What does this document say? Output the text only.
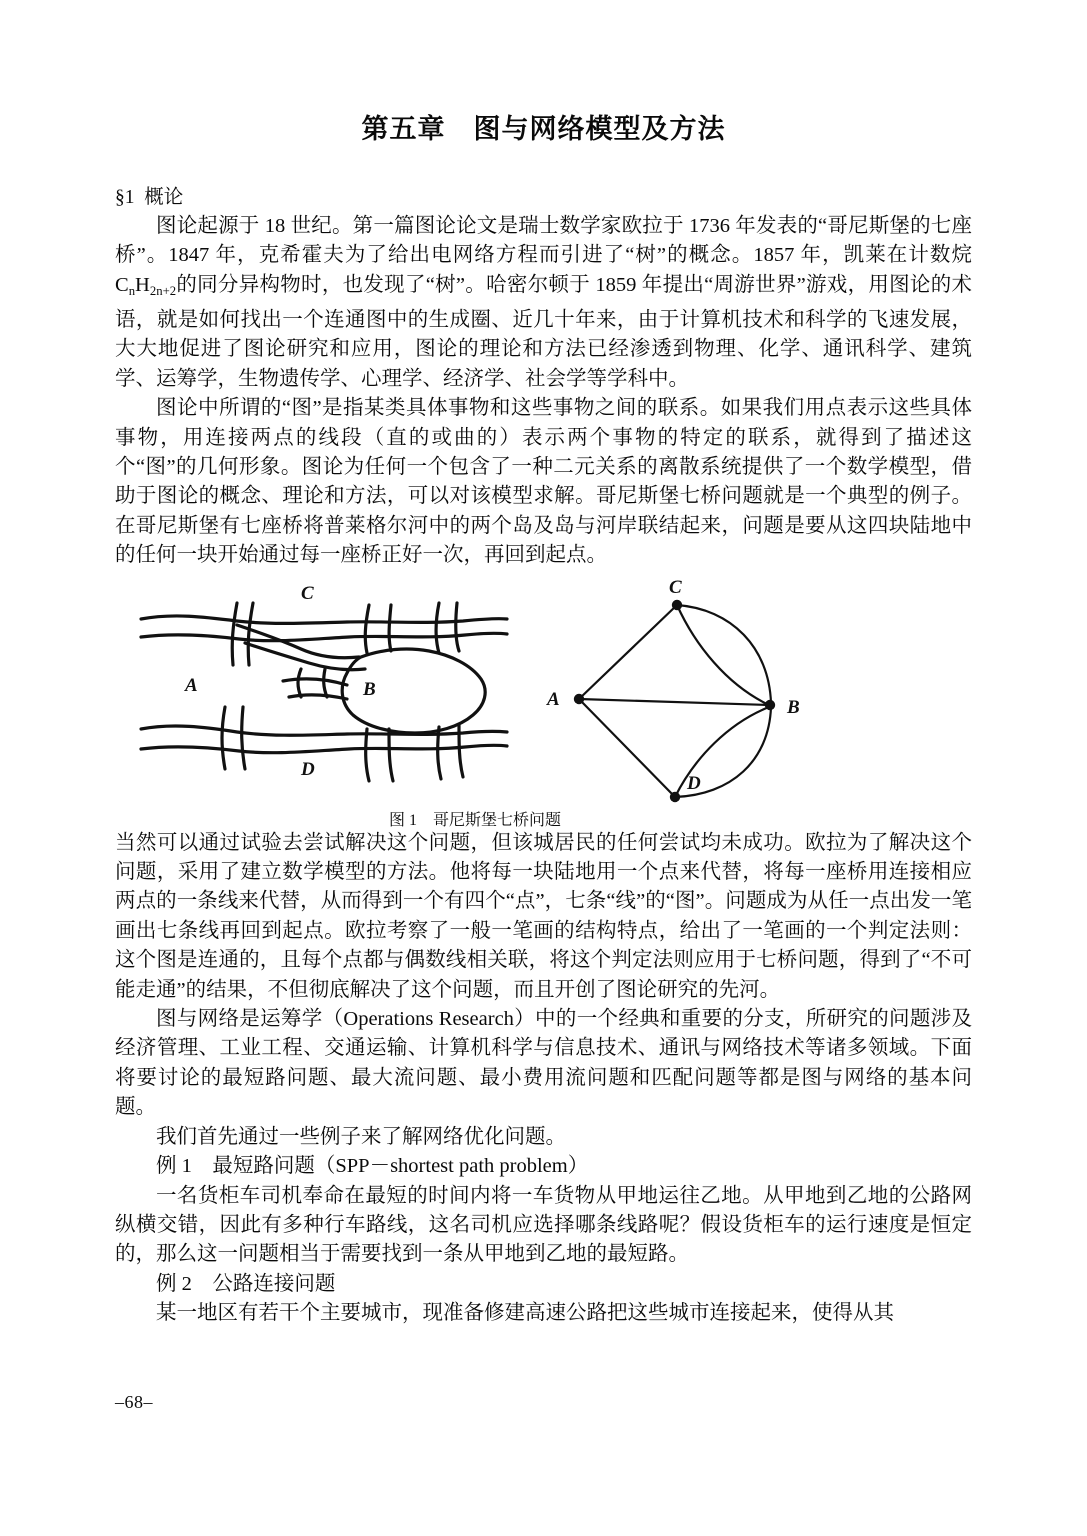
第五章　图与网络模型及方法
§1  概论

图论起源于 18 世纪。第一篇图论论文是瑞士数学家欧拉于 1736 年发表的“哥尼斯堡的七座桥”。1847 年，克希霍夫为了给出电网络方程而引进了“树”的概念。1857 年，凯莱在计数烷$C_nH_{2n+2}$的同分异构物时，也发现了“树”。哈密尔顿于 1859 年提出“周游世界”游戏，用图论的术语，就是如何找出一个连通图中的生成圈、近几十年来，由于计算机技术和科学的飞速发展，大大地促进了图论研究和应用，图论的理论和方法已经渗透到物理、化学、通讯科学、建筑学、运筹学，生物遗传学、心理学、经济学、社会学等学科中。

图论中所谓的“图”是指某类具体事物和这些事物之间的联系。如果我们用点表示这些具体事物，用连接两点的线段（直的或曲的）表示两个事物的特定的联系，就得到了描述这个“图”的几何形象。图论为任何一个包含了一种二元关系的离散系统提供了一个数学模型，借助于图论的概念、理论和方法，可以对该模型求解。哥尼斯堡七桥问题就是一个典型的例子。在哥尼斯堡有七座桥将普莱格尔河中的两个岛及岛与河岸联结起来，问题是要从这四块陆地中的任何一块开始通过每一座桥正好一次，再回到起点。

A	B
C
D
A	B
C
D
图 1　哥尼斯堡七桥问题

当然可以通过试验去尝试解决这个问题，但该城居民的任何尝试均未成功。欧拉为了解决这个问题，采用了建立数学模型的方法。他将每一块陆地用一个点来代替，将每一座桥用连接相应两点的一条线来代替，从而得到一个有四个“点”，七条“线”的“图”。问题成为从任一点出发一笔画出七条线再回到起点。欧拉考察了一般一笔画的结构特点，给出了一笔画的一个判定法则：这个图是连通的，且每个点都与偶数线相关联，将这个判定法则应用于七桥问题，得到了“不可能走通”的结果，不但彻底解决了这个问题，而且开创了图论研究的先河。

图与网络是运筹学（Operations Research）中的一个经典和重要的分支，所研究的问题涉及经济管理、工业工程、交通运输、计算机科学与信息技术、通讯与网络技术等诸多领域。下面将要讨论的最短路问题、最大流问题、最小费用流问题和匹配问题等都是图与网络的基本问题。

我们首先通过一些例子来了解网络优化问题。

例 1　最短路问题（SPP－shortest path problem）

一名货柜车司机奉命在最短的时间内将一车货物从甲地运往乙地。从甲地到乙地的公路网纵横交错，因此有多种行车路线，这名司机应选择哪条线路呢？假设货柜车的运行速度是恒定的，那么这一问题相当于需要找到一条从甲地到乙地的最短路。

例 2　公路连接问题

某一地区有若干个主要城市，现准备修建高速公路把这些城市连接起来，使得从其

–68–
